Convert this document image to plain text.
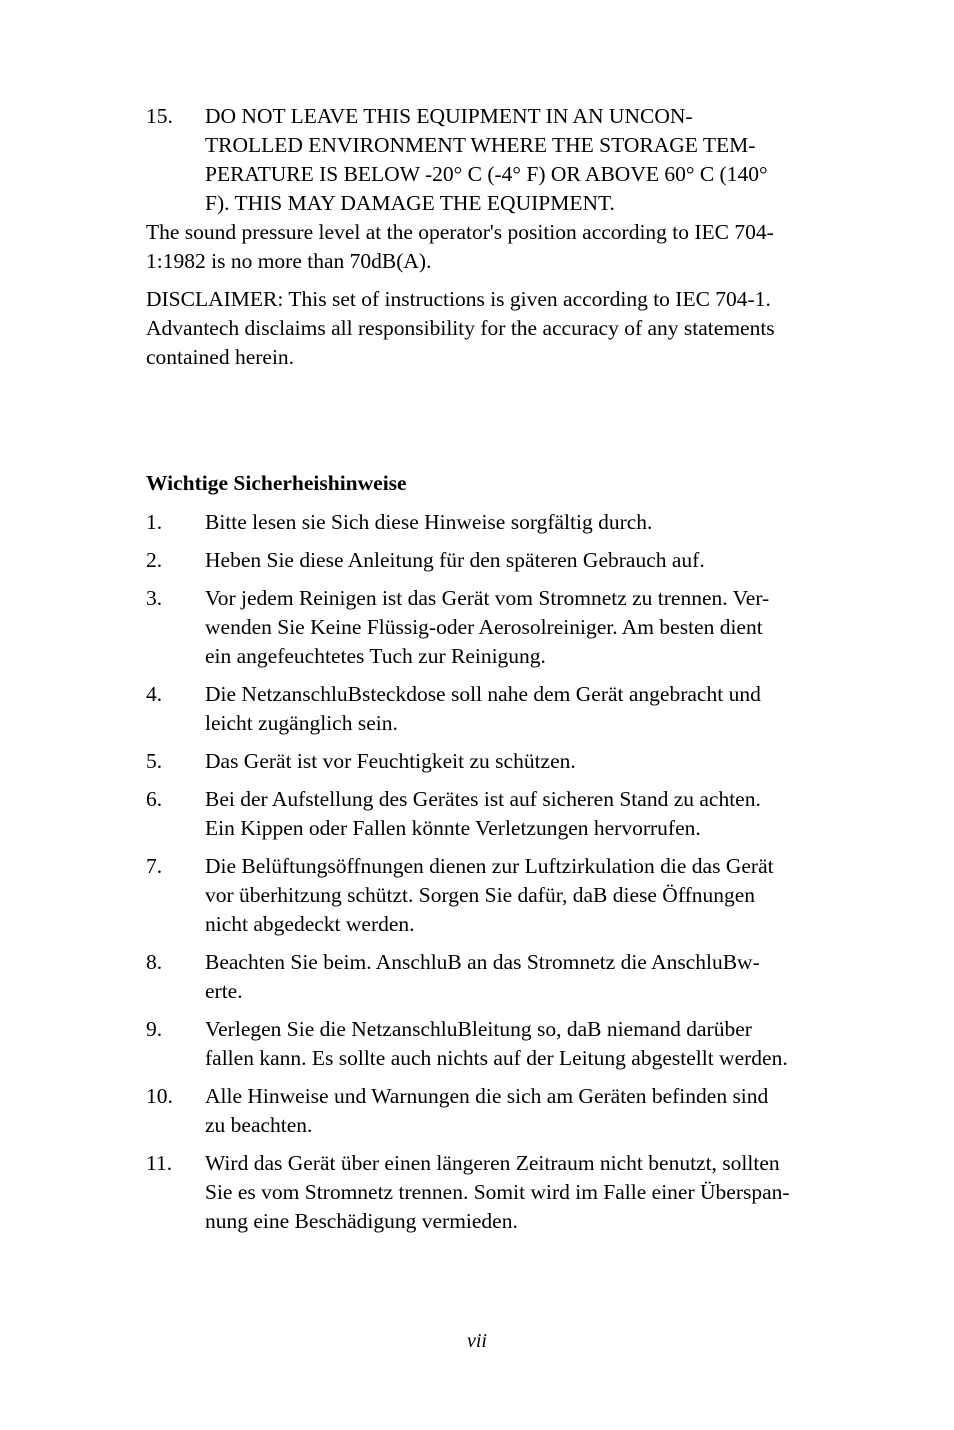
15.	DO NOT LEAVE THIS EQUIPMENT IN AN UNCON-
TROLLED ENVIRONMENT WHERE THE STORAGE TEM-
PERATURE IS BELOW -20° C (-4° F) OR ABOVE 60° C (140°
F). THIS MAY DAMAGE THE EQUIPMENT.

The sound pressure level at the operator's position according to IEC 704-
1:1982 is no more than 70dB(A).

DISCLAIMER: This set of instructions is given according to IEC 704-1.
Advantech disclaims all responsibility for the accuracy of any statements
contained herein.

Wichtige Sicherheishinweise

1.	Bitte lesen sie Sich diese Hinweise sorgfältig durch.
2.	Heben Sie diese Anleitung für den späteren Gebrauch auf.
3.	Vor jedem Reinigen ist das Gerät vom Stromnetz zu trennen. Ver-
wenden Sie Keine Flüssig-oder Aerosolreiniger. Am besten dient
ein angefeuchtetes Tuch zur Reinigung.
4.	Die NetzanschluBsteckdose soll nahe dem Gerät angebracht und
leicht zugänglich sein.
5.	Das Gerät ist vor Feuchtigkeit zu schützen.
6.	Bei der Aufstellung des Gerätes ist auf sicheren Stand zu achten.
Ein Kippen oder Fallen könnte Verletzungen hervorrufen.
7.	Die Belüftungsöffnungen dienen zur Luftzirkulation die das Gerät
vor überhitzung schützt. Sorgen Sie dafür, daB diese Öffnungen
nicht abgedeckt werden.
8.	Beachten Sie beim. AnschluB an das Stromnetz die AnschluBw-
erte.
9.	Verlegen Sie die NetzanschluBleitung so, daB niemand darüber
fallen kann. Es sollte auch nichts auf der Leitung abgestellt werden.
10.	Alle Hinweise und Warnungen die sich am Geräten befinden sind
zu beachten.
11.	Wird das Gerät über einen längeren Zeitraum nicht benutzt, sollten
Sie es vom Stromnetz trennen. Somit wird im Falle einer Überspan-
nung eine Beschädigung vermieden.
vii
